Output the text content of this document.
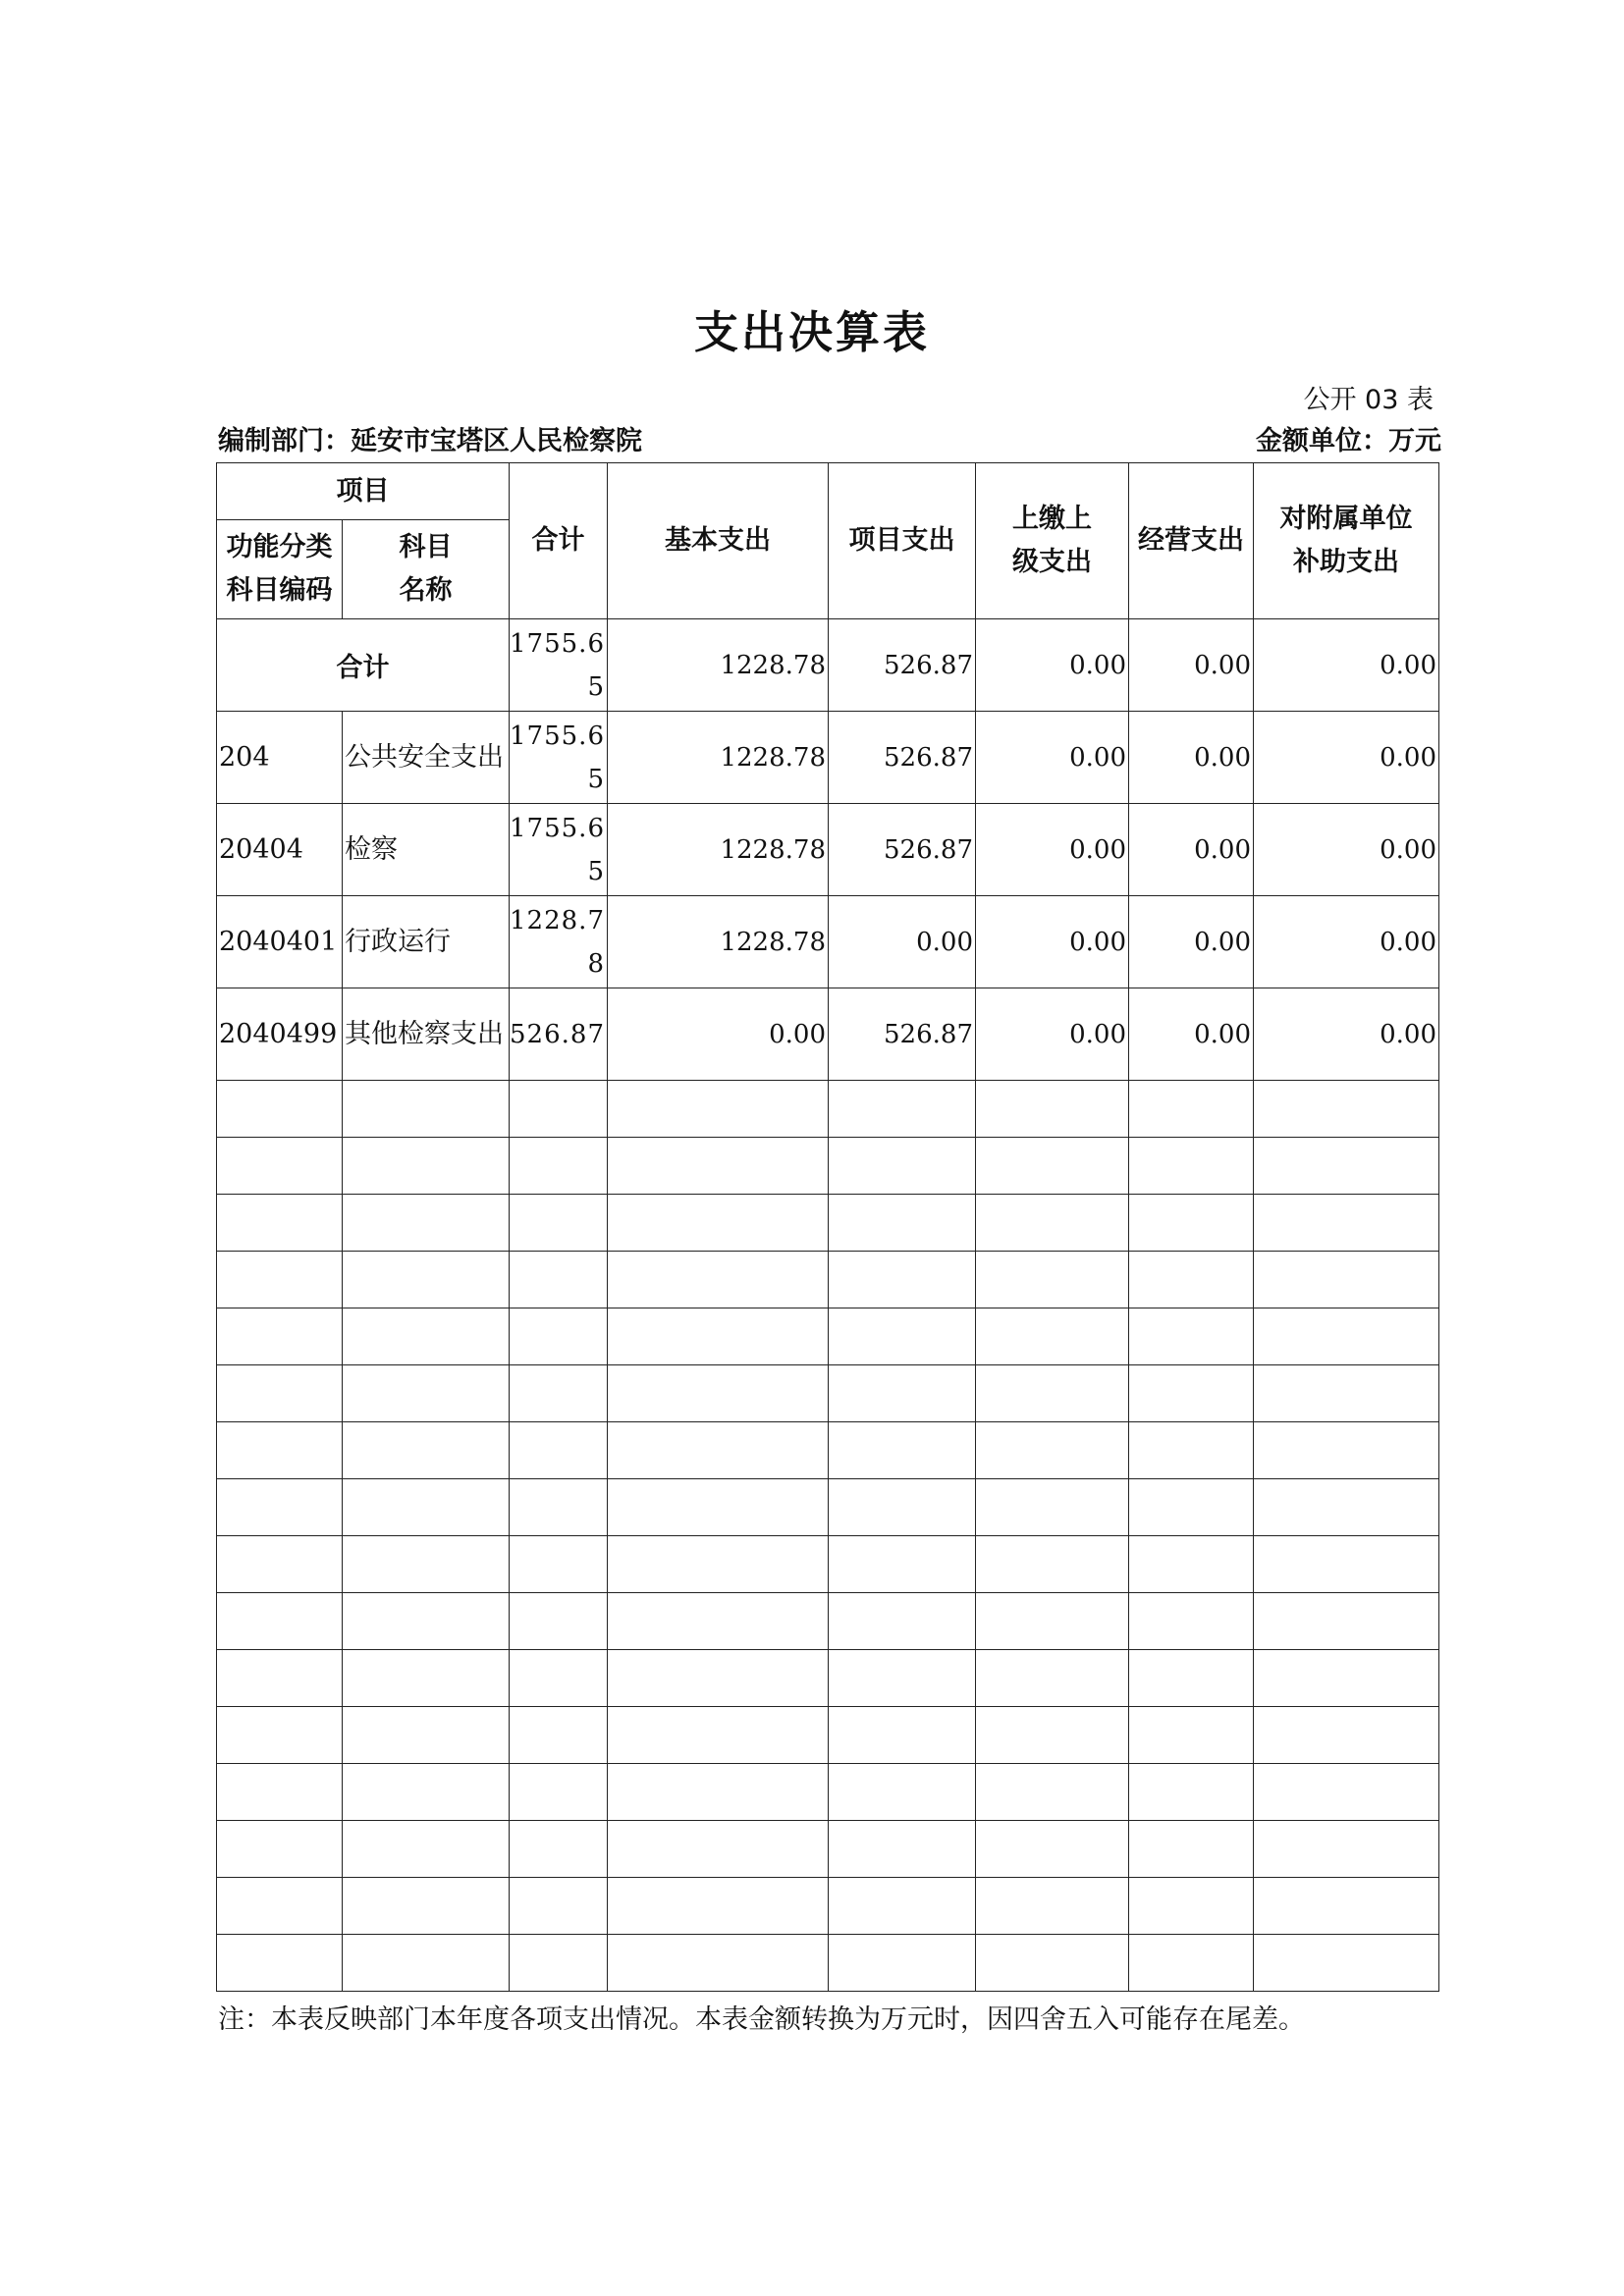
支出决算表
公开 03 表
编制部门：延安市宝塔区人民检察院	金额单位：万元
项目		合计	基本支出	项目支出	上缴上级支出	经营支出	对附属单位补助支出
功能分类科目编码	科目名称						
合计		1755.65	1228.78	526.87	0.00	0.00	0.00
204	公共安全支出	1755.65	1228.78	526.87	0.00	0.00	0.00
20404	检察	1755.65	1228.78	526.87	0.00	0.00	0.00
2040401	行政运行	1228.78	1228.78	0.00	0.00	0.00	0.00
2040499	其他检察支出	526.87	0.00	526.87	0.00	0.00	0.00

注：本表反映部门本年度各项支出情况。本表金额转换为万元时，因四舍五入可能存在尾差。
